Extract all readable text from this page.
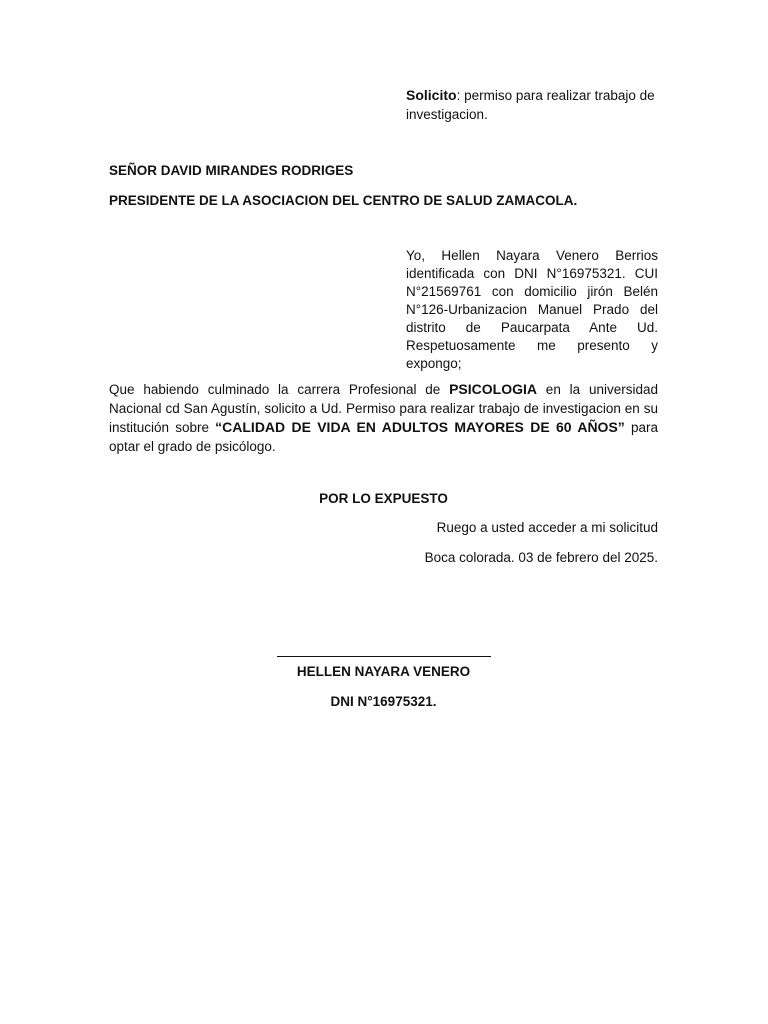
Solicito: permiso para realizar trabajo de investigacion.
SEÑOR DAVID MIRANDES RODRIGES
PRESIDENTE DE LA ASOCIACION DEL CENTRO DE SALUD ZAMACOLA.
Yo, Hellen Nayara Venero Berrios identificada con DNI N°16975321. CUI N°21569761 con domicilio jirón Belén N°126-Urbanizacion Manuel Prado del distrito de Paucarpata Ante Ud. Respetuosamente me presento y expongo;
Que habiendo culminado la carrera Profesional de PSICOLOGIA en la universidad Nacional cd San Agustín, solicito a Ud. Permiso para realizar trabajo de investigacion en su institución sobre “CALIDAD DE VIDA EN ADULTOS MAYORES DE 60 AÑOS” para optar el grado de psicólogo.
POR LO EXPUESTO
Ruego a usted acceder a mi solicitud
Boca colorada. 03 de febrero del 2025.
HELLEN NAYARA VENERO
DNI N°16975321.
